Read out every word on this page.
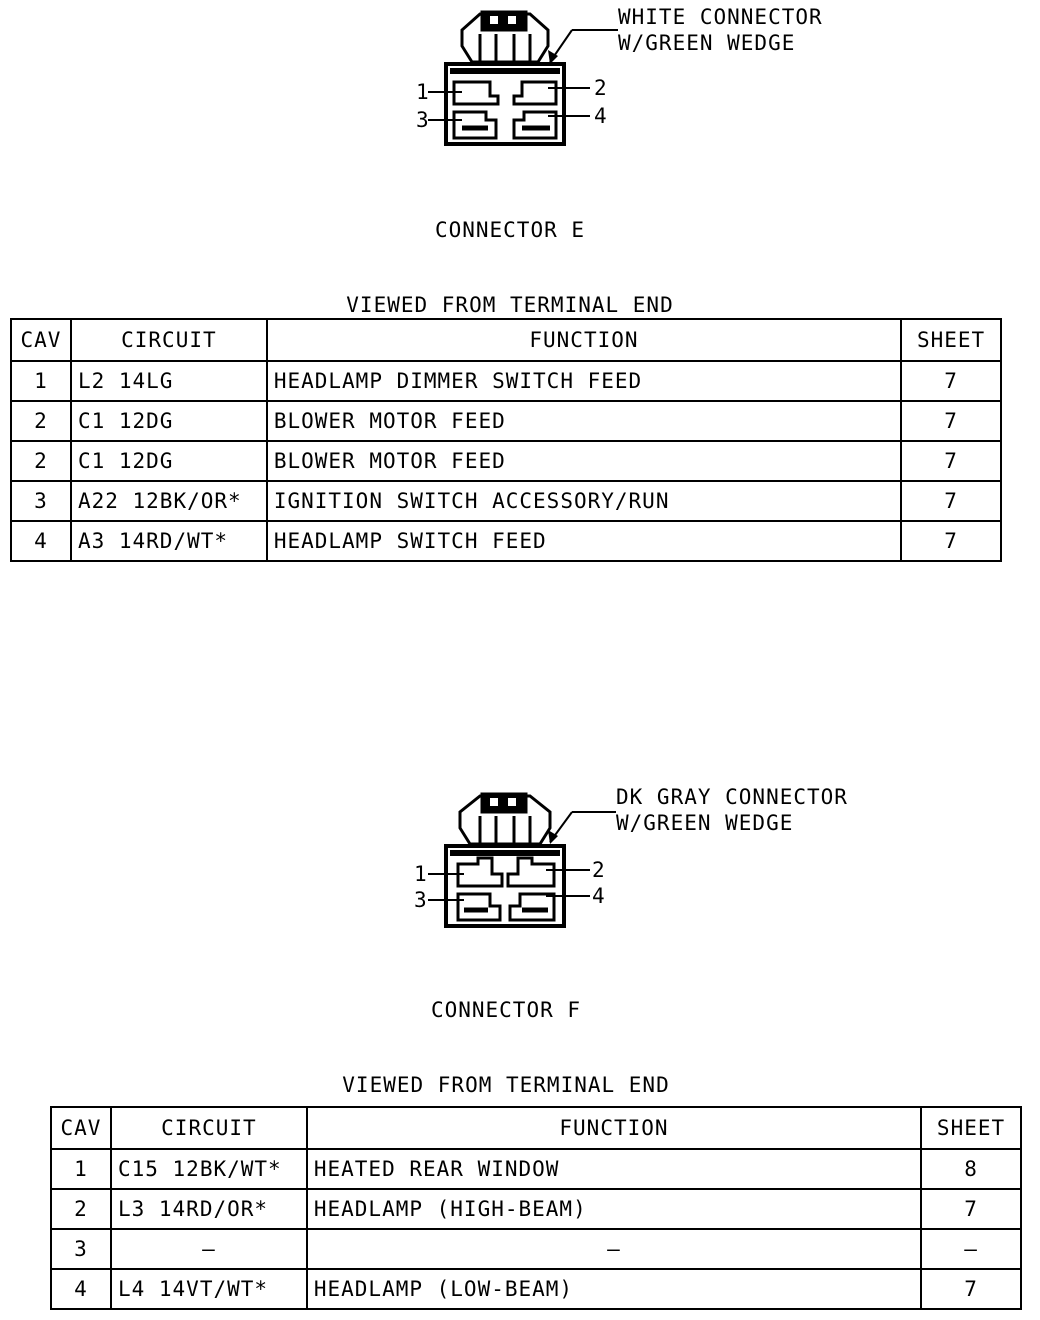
1	2
3	4
WHITE CONNECTOR
W/GREEN WEDGE

CONNECTOR E

VIEWED FROM TERMINAL END

CAV	CIRCUIT	FUNCTION	SHEET
1	L2 14LG	HEADLAMP DIMMER SWITCH FEED	7
2	C1 12DG	BLOWER MOTOR FEED	7
2	C1 12DG	BLOWER MOTOR FEED	7
3	A22 12BK/OR*	IGNITION SWITCH ACCESSORY/RUN	7
4	A3 14RD/WT*	HEADLAMP SWITCH FEED	7
1	2
3	4
DK GRAY CONNECTOR
W/GREEN WEDGE

CONNECTOR F

VIEWED FROM TERMINAL END

CAV	CIRCUIT	FUNCTION	SHEET
1	C15 12BK/WT*	HEATED REAR WINDOW	8
2	L3 14RD/OR*	HEADLAMP (HIGH-BEAM)	7
3	—	—	—
4	L4 14VT/WT*	HEADLAMP (LOW-BEAM)	7
